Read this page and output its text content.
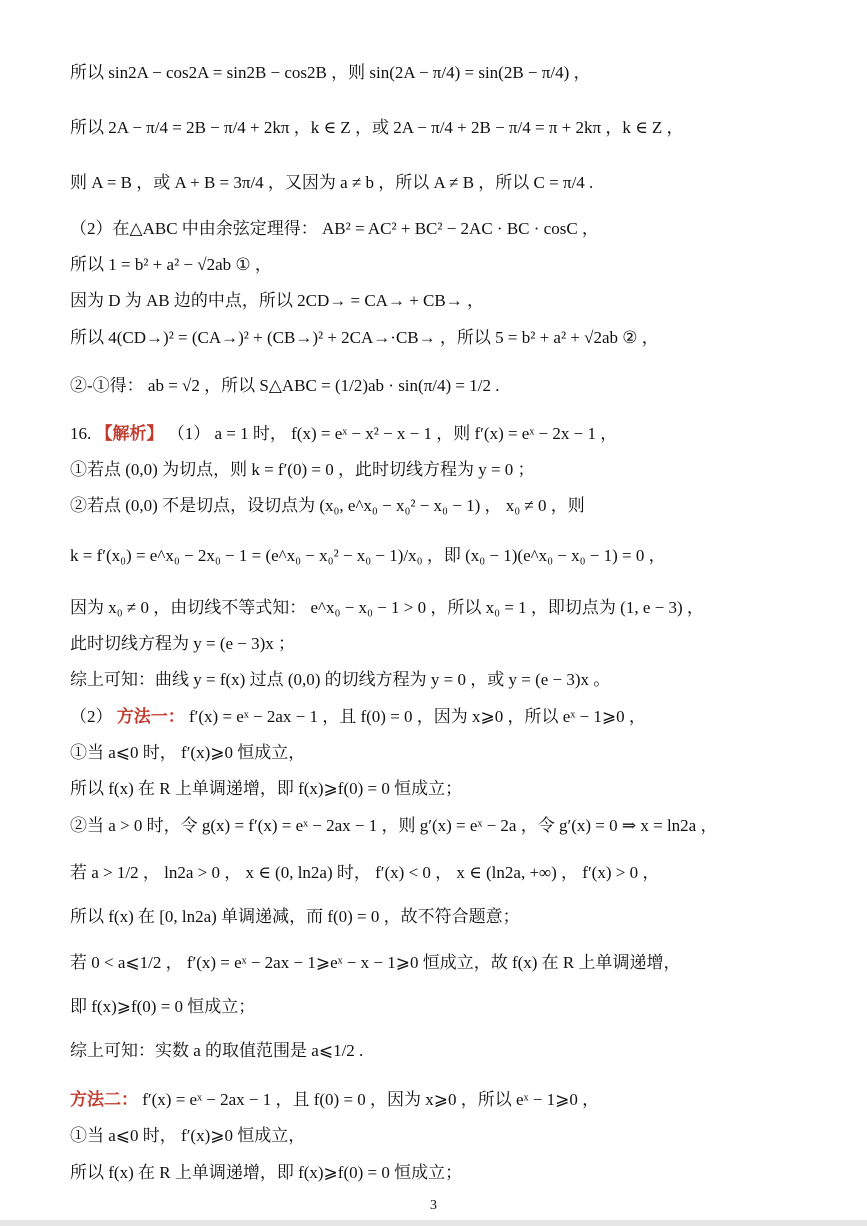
所以 sin2A − cos2A = sin2B − cos2B ，则 sin(2A − π/4) = sin(2B − π/4) ，
所以 2A − π/4 = 2B − π/4 + 2kπ ，k ∈ Z ，或 2A − π/4 + 2B − π/4 = π + 2kπ ，k ∈ Z ，
则 A = B ，或 A + B = 3π/4 ，又因为 a ≠ b ，所以 A ≠ B ，所以 C = π/4 .
（2）在△ABC 中由余弦定理得： AB² = AC² + BC² − 2AC · BC · cosC ，
所以 1 = b² + a² − √2ab ① ，
因为 D 为 AB 边的中点，所以 2CD→ = CA→ + CB→ ，
所以 4(CD→)² = (CA→)² + (CB→)² + 2CA→·CB→ ，所以 5 = b² + a² + √2ab ② ，
②-①得： ab = √2 ，所以 S△ABC = (1/2)ab · sin(π/4) = 1/2 .
16. 【解析】 （1） a = 1 时， f(x) = eˣ − x² − x − 1 ，则 f′(x) = eˣ − 2x − 1 ，
①若点 (0,0) 为切点，则 k = f′(0) = 0 ，此时切线方程为 y = 0 ；
②若点 (0,0) 不是切点，设切点为 (x₀, e^x₀ − x₀² − x₀ − 1) ， x₀ ≠ 0 ，则
k = f′(x₀) = e^x₀ − 2x₀ − 1 = (e^x₀ − x₀² − x₀ − 1)/x₀ ，即 (x₀ − 1)(e^x₀ − x₀ − 1) = 0 ，
因为 x₀ ≠ 0 ，由切线不等式知： e^x₀ − x₀ − 1 > 0 ，所以 x₀ = 1 ，即切点为 (1, e − 3) ，
此时切线方程为 y = (e − 3)x ；
综上可知：曲线 y = f(x) 过点 (0,0) 的切线方程为 y = 0 ，或 y = (e − 3)x 。
（2） 方法一： f′(x) = eˣ − 2ax − 1 ，且 f(0) = 0 ，因为 x⩾0 ，所以 eˣ − 1⩾0 ，
①当 a⩽0 时， f′(x)⩾0 恒成立，
所以 f(x) 在 R 上单调递增，即 f(x)⩾f(0) = 0 恒成立；
②当 a > 0 时，令 g(x) = f′(x) = eˣ − 2ax − 1 ，则 g′(x) = eˣ − 2a ，令 g′(x) = 0 ⇒ x = ln2a ，
若 a > 1/2 ， ln2a > 0 ， x ∈ (0, ln2a) 时， f′(x) < 0 ， x ∈ (ln2a, +∞) ， f′(x) > 0 ，
所以 f(x) 在 [0, ln2a) 单调递减，而 f(0) = 0 ，故不符合题意；
若 0 < a⩽1/2 ， f′(x) = eˣ − 2ax − 1⩾eˣ − x − 1⩾0 恒成立，故 f(x) 在 R 上单调递增，
即 f(x)⩾f(0) = 0 恒成立；
综上可知：实数 a 的取值范围是 a⩽1/2 .
方法二： f′(x) = eˣ − 2ax − 1 ，且 f(0) = 0 ，因为 x⩾0 ，所以 eˣ − 1⩾0 ，
①当 a⩽0 时， f′(x)⩾0 恒成立，
所以 f(x) 在 R 上单调递增，即 f(x)⩾f(0) = 0 恒成立；
3
